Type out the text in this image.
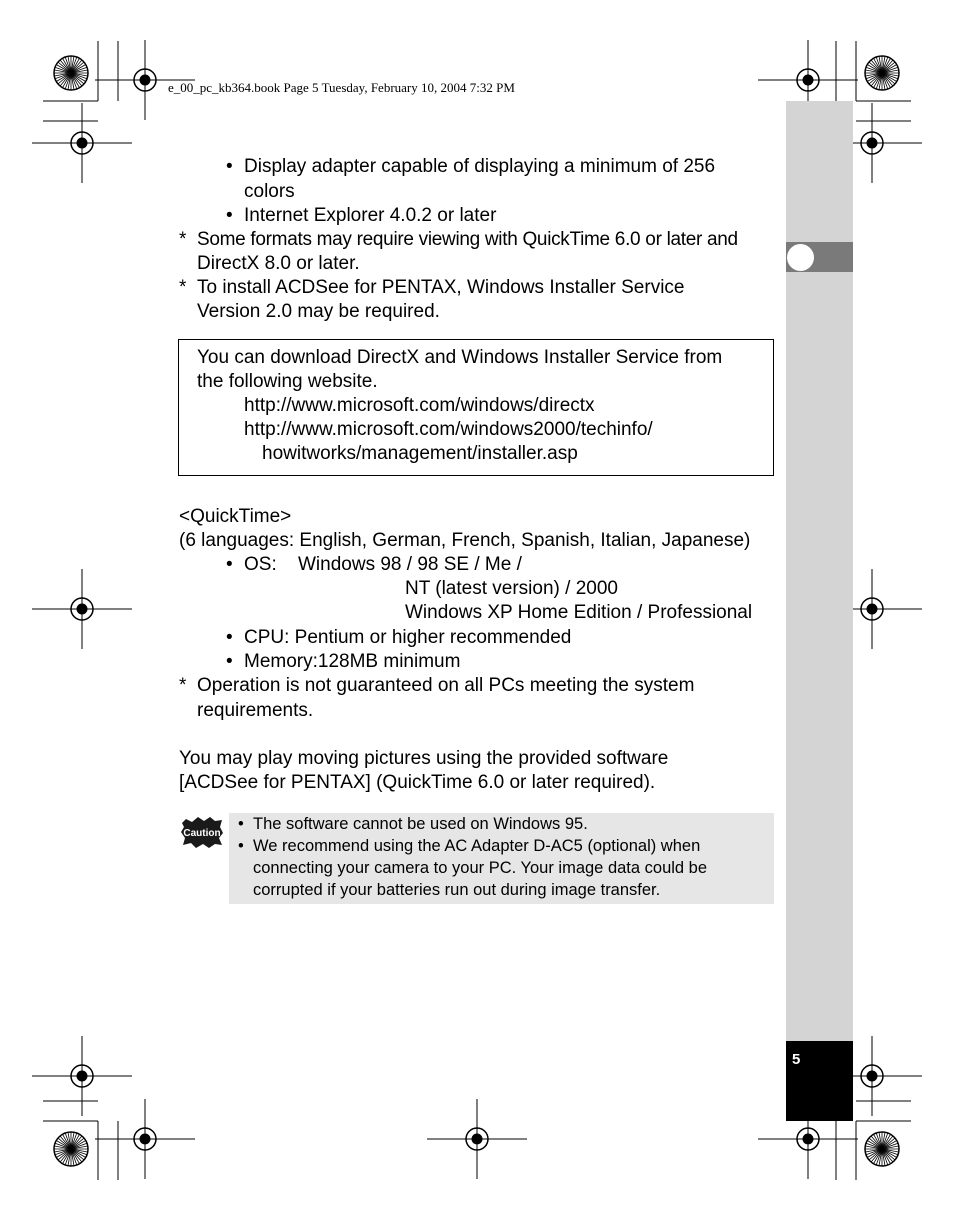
e_00_pc_kb364.book Page 5 Tuesday, February 10, 2004 7:32 PM
5
• Display adapter capable of displaying a minimum of 256
colors
• Internet Explorer 4.0.2 or later
* Some formats may require viewing with QuickTime 6.0 or later and
DirectX 8.0 or later.
* To install ACDSee for PENTAX, Windows Installer Service
Version 2.0 may be required.
You can download DirectX and Windows Installer Service from
the following website.
http://www.microsoft.com/windows/directx
http://www.microsoft.com/windows2000/techinfo/
howitworks/management/installer.asp
<QuickTime>
(6 languages: English, German, French, Spanish, Italian, Japanese)
• OS: Windows 98 / 98 SE / Me /
NT (latest version) / 2000
Windows XP Home Edition / Professional
• CPU: Pentium or higher recommended
• Memory:128MB minimum
* Operation is not guaranteed on all PCs meeting the system
requirements.
You may play moving pictures using the provided software
[ACDSee for PENTAX] (QuickTime 6.0 or later required).
Caution
• The software cannot be used on Windows 95.
• We recommend using the AC Adapter D-AC5 (optional) when
connecting your camera to your PC. Your image data could be
corrupted if your batteries run out during image transfer.
